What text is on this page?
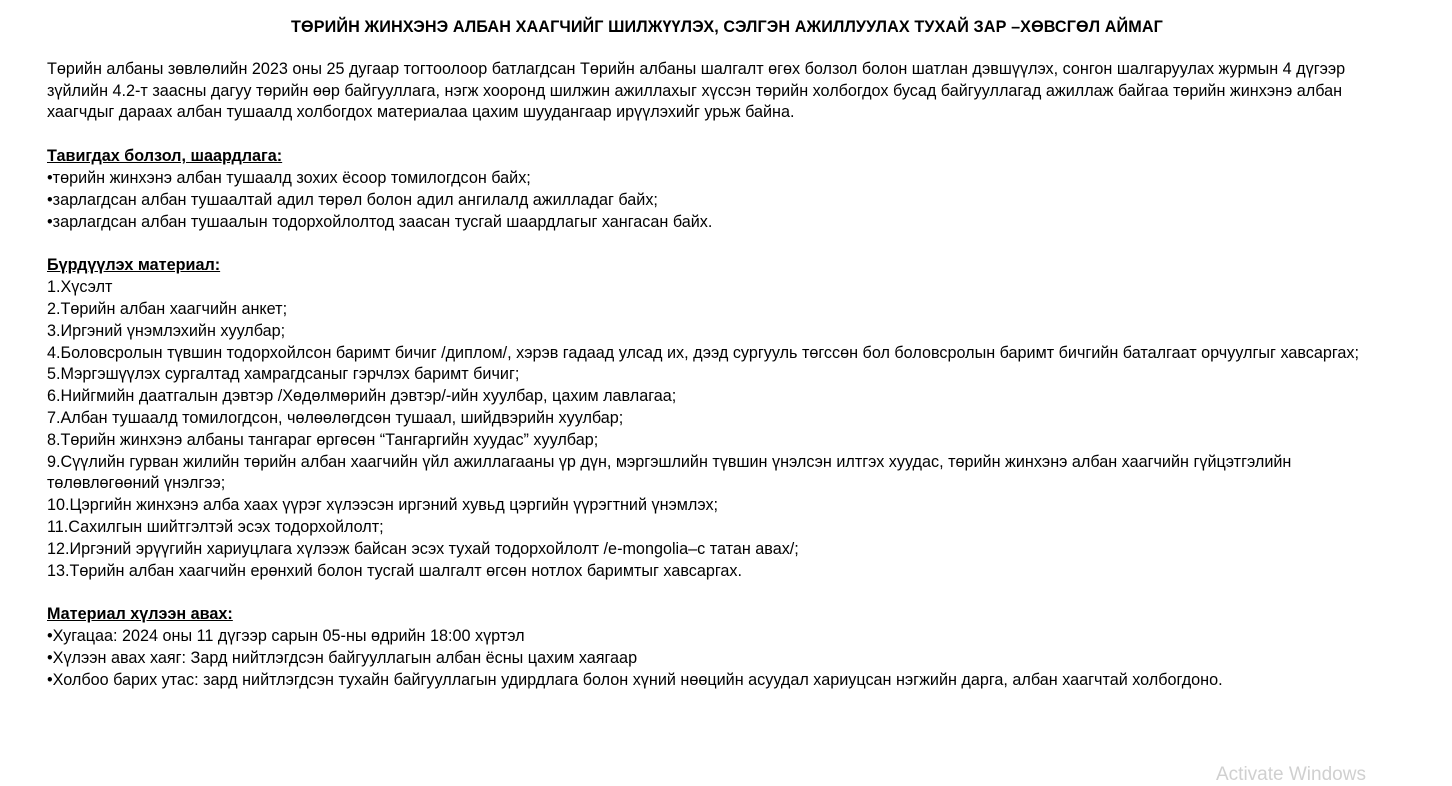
ТӨРИЙН ЖИНХЭНЭ АЛБАН ХААГЧИЙГ ШИЛЖҮҮЛЭХ, СЭЛГЭН АЖИЛЛУУЛАХ ТУХАЙ ЗАР –ХӨВСГӨЛ АЙМАГ
Төрийн албаны зөвлөлийн 2023 оны 25 дугаар тогтоолоор батлагдсан Төрийн албаны шалгалт өгөх болзол болон шатлан дэвшүүлэх, сонгон шалгаруулах журмын 4 дүгээр зүйлийн 4.2-т заасны дагуу төрийн өөр байгууллага, нэгж хооронд шилжин ажиллахыг хүссэн төрийн холбогдох бусад байгууллагад ажиллаж байгаа төрийн жинхэнэ албан хаагчдыг дараах албан тушаалд холбогдох материалаа цахим шуудангаар ирүүлэхийг урьж байна.
Тавигдах болзол, шаардлага:
•төрийн жинхэнэ албан тушаалд зохих ёсоор томилогдсон байх;
•зарлагдсан албан тушаалтай адил төрөл болон адил ангилалд ажилладаг байх;
•зарлагдсан албан тушаалын тодорхойлолтод заасан тусгай шаардлагыг хангасан байх.
Бүрдүүлэх материал:
1.Хүсэлт
2.Төрийн албан хаагчийн анкет;
3.Иргэний үнэмлэхийн хуулбар;
4.Боловсролын түвшин тодорхойлсон баримт бичиг /диплом/, хэрэв гадаад улсад их, дээд сургууль төгссөн бол боловсролын баримт бичгийн баталгаат орчуулгыг хавсаргах;
5.Мэргэшүүлэх сургалтад хамрагдсаныг гэрчлэх баримт бичиг;
6.Нийгмийн даатгалын дэвтэр /Хөдөлмөрийн дэвтэр/-ийн хуулбар, цахим лавлагаа;
7.Албан тушаалд томилогдсон, чөлөөлөгдсөн тушаал, шийдвэрийн хуулбар;
8.Төрийн жинхэнэ албаны тангараг өргөсөн “Тангаргийн хуудас” хуулбар;
9.Сүүлийн гурван жилийн төрийн албан хаагчийн үйл ажиллагааны үр дүн, мэргэшлийн түвшин үнэлсэн илтгэх хуудас, төрийн жинхэнэ албан хаагчийн гүйцэтгэлийн төлөвлөгөөний үнэлгээ;
10.Цэргийн жинхэнэ алба хаах үүрэг хүлээсэн иргэний хувьд цэргийн үүрэгтний үнэмлэх;
11.Сахилгын шийтгэлтэй эсэх тодорхойлолт;
12.Иргэний эрүүгийн хариуцлага хүлээж байсан эсэх тухай тодорхойлолт /e-mongolia–с татан авах/;
13.Төрийн албан хаагчийн ерөнхий болон тусгай шалгалт өгсөн нотлох баримтыг хавсаргах.
Материал хүлээн авах:
•Хугацаа: 2024 оны 11 дүгээр сарын 05-ны өдрийн 18:00 хүртэл
•Хүлээн авах хаяг: Зард нийтлэгдсэн байгууллагын албан ёсны цахим хаягаар
•Холбоо барих утас: зард нийтлэгдсэн тухайн байгууллагын удирдлага болон хүний нөөцийн асуудал хариуцсан нэгжийн дарга, албан хаагчтай холбогдоно.
Activate Windows
